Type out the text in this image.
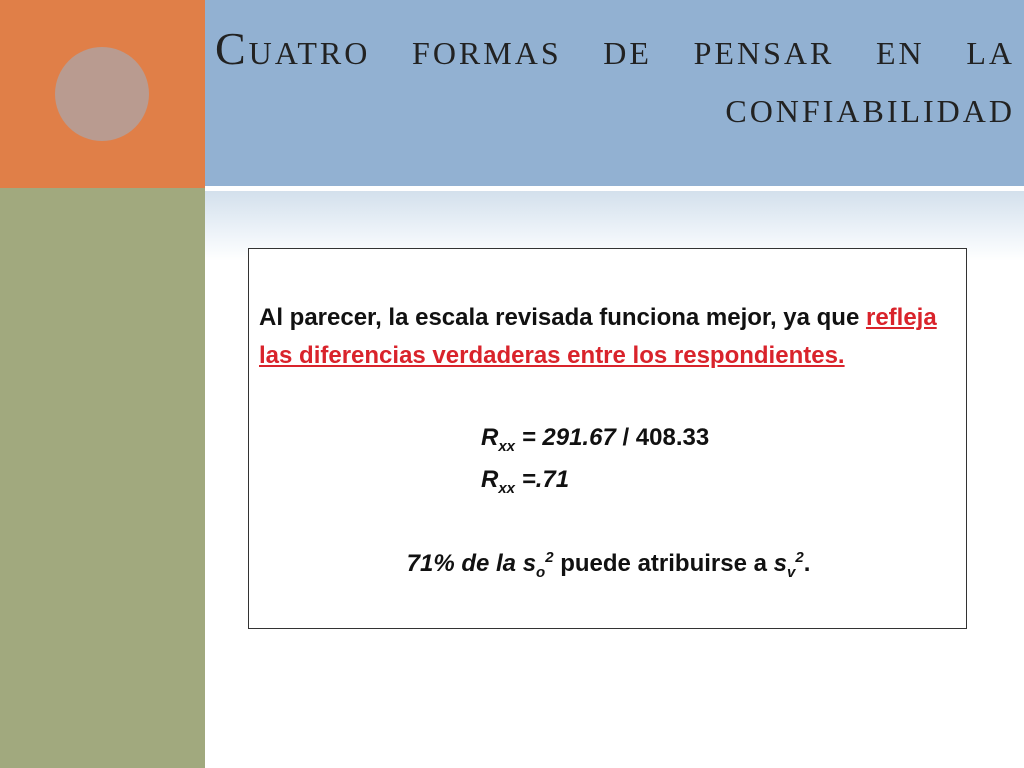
Cuatro formas de pensar en la confiabilidad

Al parecer, la escala revisada funciona mejor, ya que refleja las diferencias verdaderas entre los respondientes.

$R_{xx} = 291.67 / 408.33$

$R_{xx} =.71$

71% de la $s_o^2$ puede atribuirse a $s_v^2$.
